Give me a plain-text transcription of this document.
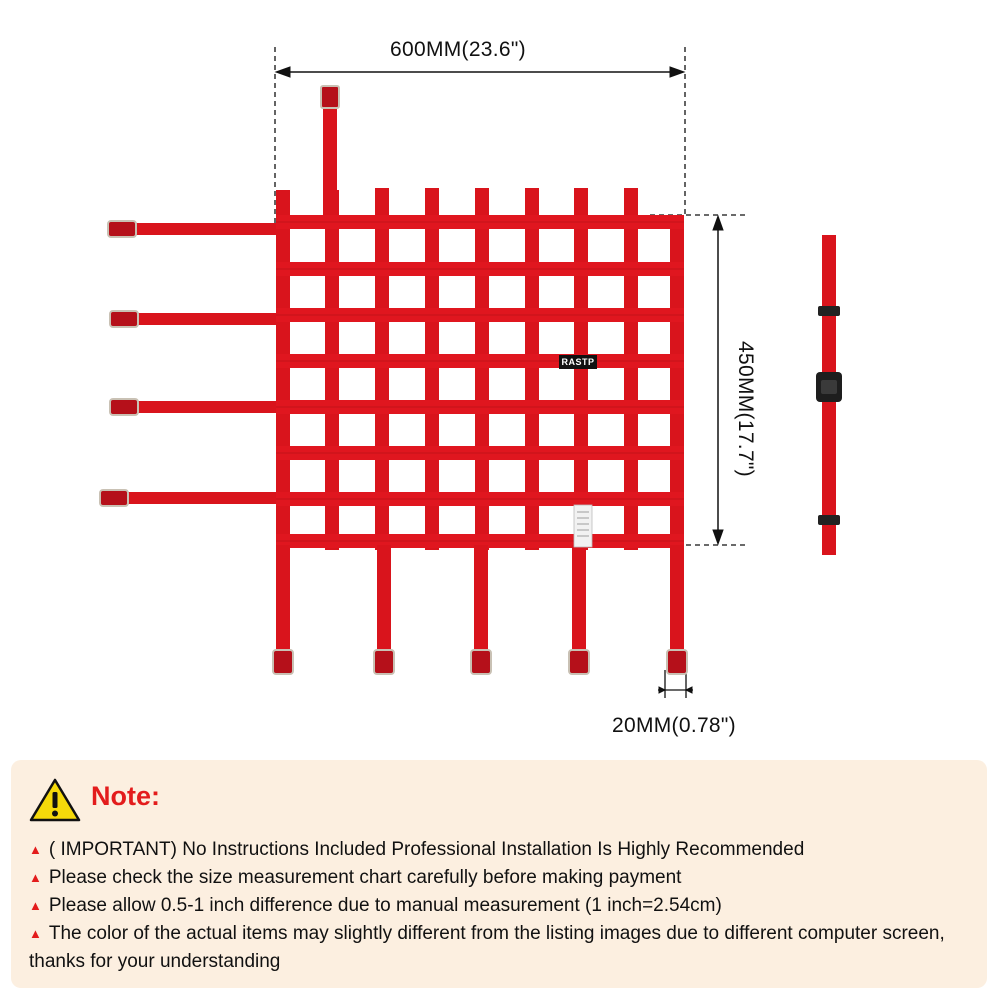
RASTP
600MM(23.6")
450MM(17.7")
20MM(0.78")
Note:

▲ ( IMPORTANT) No Instructions Included Professional Installation Is Highly Recommended

▲ Please check the size measurement chart carefully before making payment

▲ Please allow 0.5-1 inch difference due to manual measurement (1 inch=2.54cm)

▲ The color of the actual items may slightly different from the listing images due to different computer screen, thanks for your understanding
